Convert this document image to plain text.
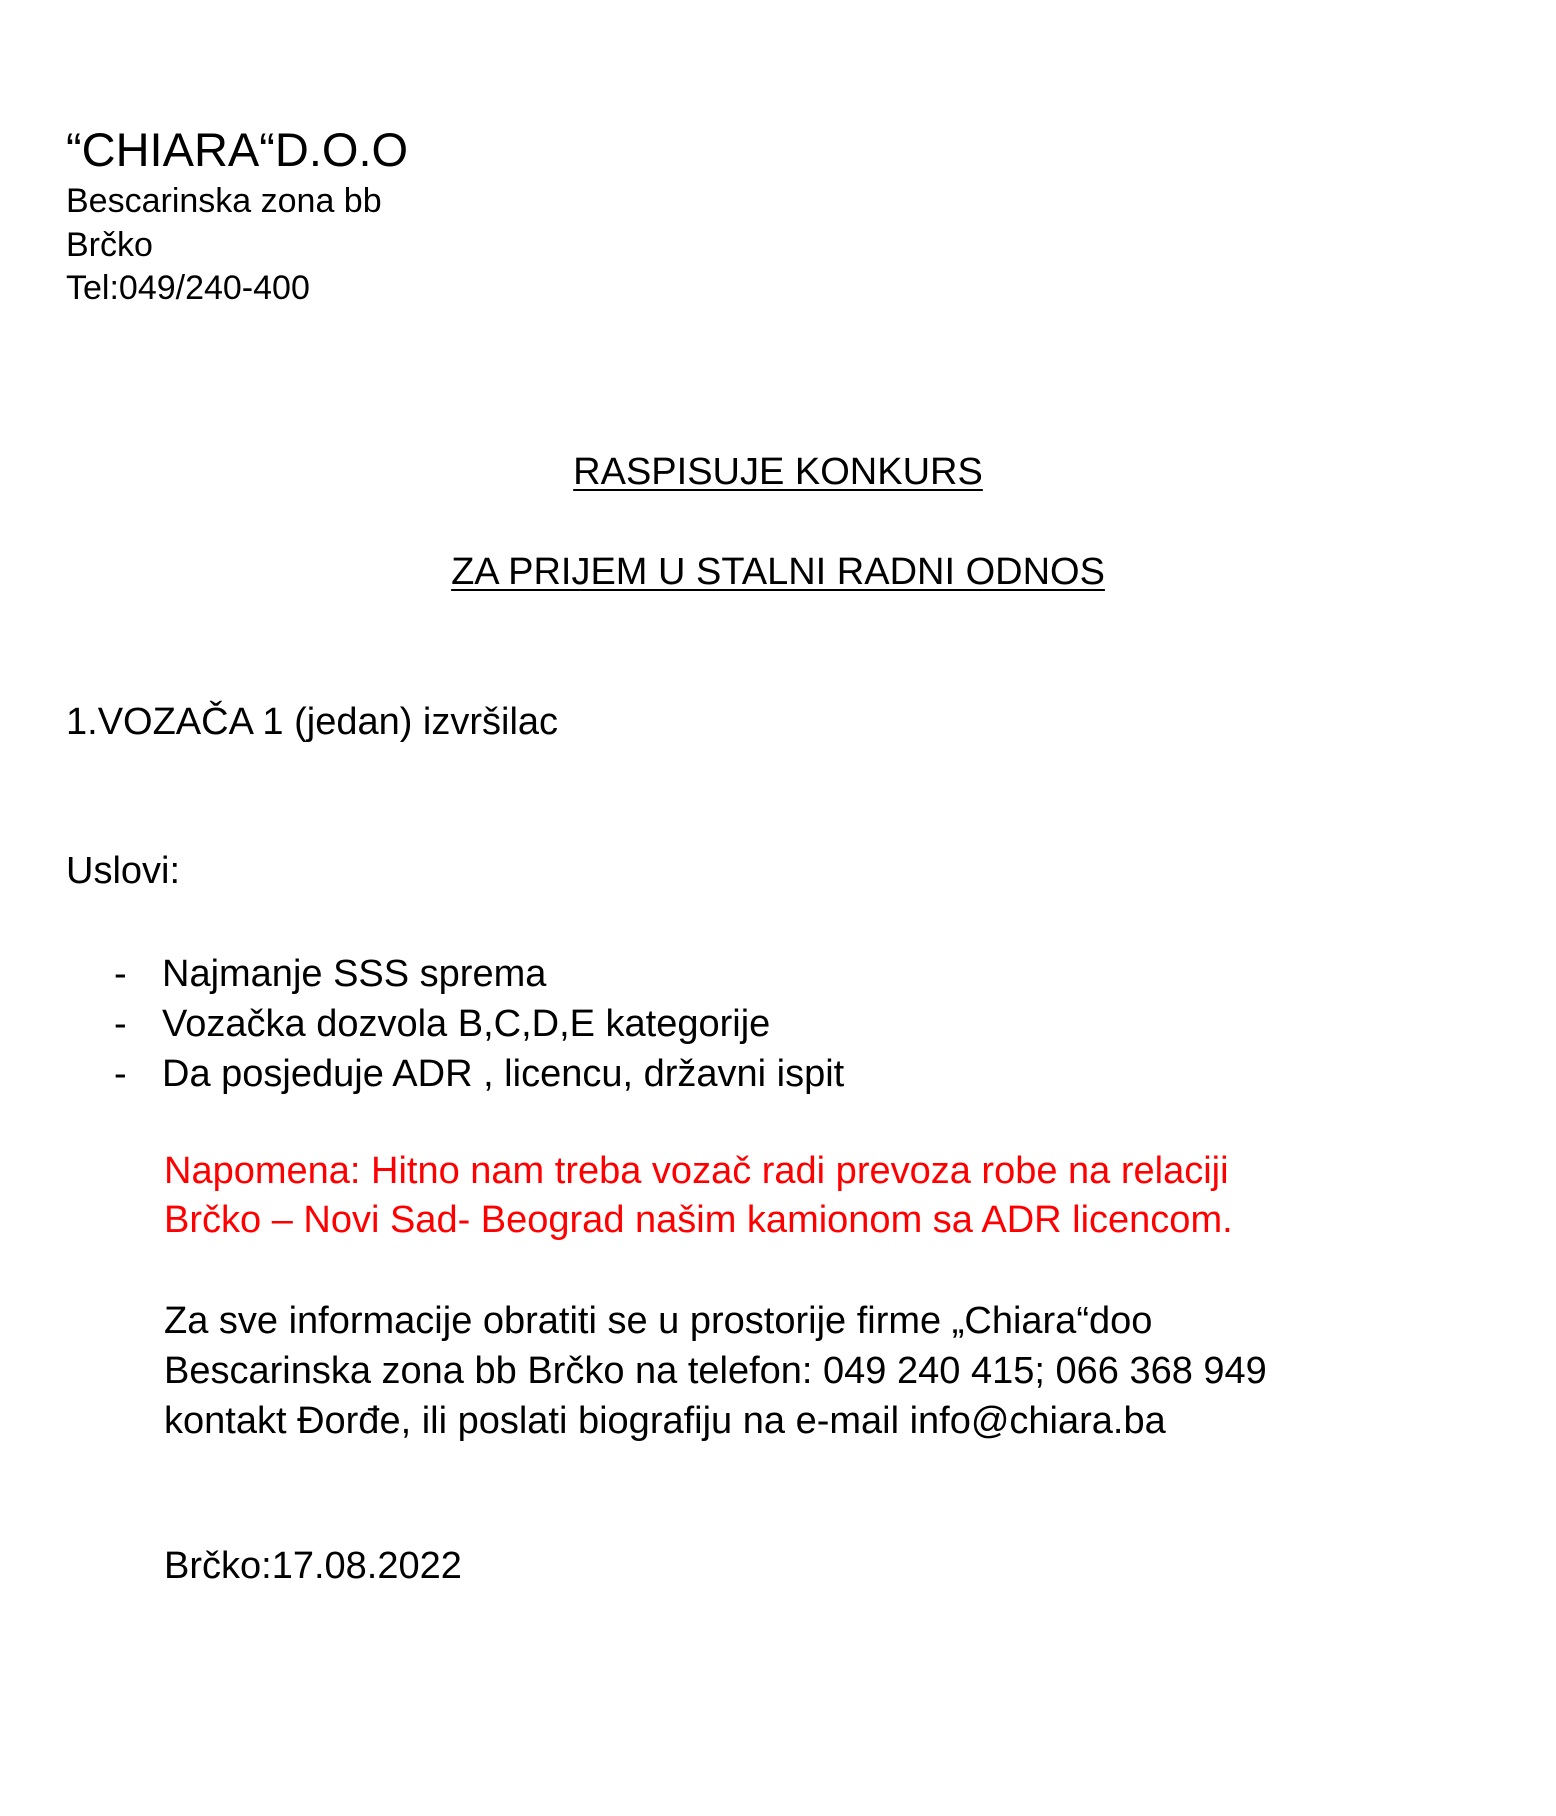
“CHIARA“D.O.O
Bescarinska zona bb
Brčko
Tel:049/240-400
RASPISUJE KONKURS
ZA PRIJEM U STALNI RADNI ODNOS
1.VOZAČA 1 (jedan) izvršilac
Uslovi:
- Najmanje SSS sprema
- Vozačka dozvola B,C,D,E kategorije
- Da posjeduje ADR , licencu, državni ispit
Napomena: Hitno nam treba vozač radi prevoza robe na relaciji
Brčko – Novi Sad- Beograd našim kamionom sa ADR licencom.
Za sve informacije obratiti se u prostorije firme „Chiara“doo
Bescarinska zona bb Brčko na telefon: 049 240 415; 066 368 949
kontakt Đorđe, ili poslati biografiju na e-mail info@chiara.ba
Brčko:17.08.2022
